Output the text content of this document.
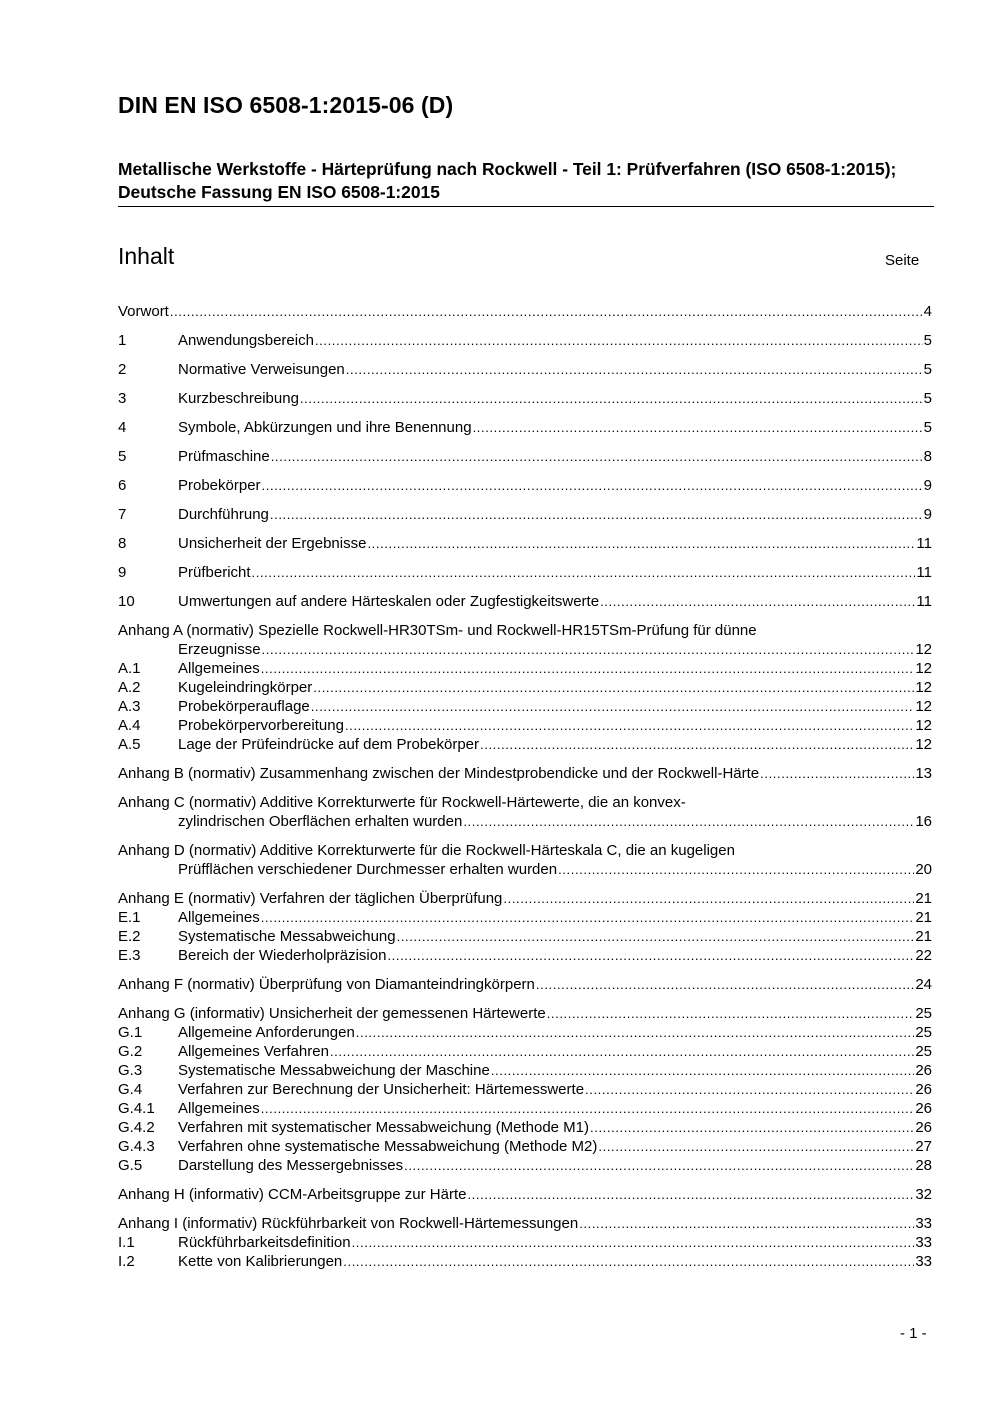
DIN EN ISO 6508-1:2015-06 (D)
Metallische Werkstoffe - Härteprüfung nach Rockwell - Teil 1: Prüfverfahren (ISO 6508-1:2015); Deutsche Fassung EN ISO 6508-1:2015
Inhalt	Seite
Vorwort .....	4
1	Anwendungsbereich .....	5
2	Normative Verweisungen .....	5
3	Kurzbeschreibung .....	5
4	Symbole, Abkürzungen und ihre Benennung .....	5
5	Prüfmaschine .....	8
6	Probekörper .....	9
7	Durchführung .....	9
8	Unsicherheit der Ergebnisse .....	11
9	Prüfbericht .....	11
10	Umwertungen auf andere Härteskalen oder Zugfestigkeitswerte .....	11
Anhang A (normativ) Spezielle Rockwell-HR30TSm- und Rockwell-HR15TSm-Prüfung für dünne
Erzeugnisse .....	12
A.1	Allgemeines .....	12
A.2	Kugeleindringkörper .....	12
A.3	Probekörperauflage .....	12
A.4	Probekörpervorbereitung .....	12
A.5	Lage der Prüfeindrücke auf dem Probekörper .....	12
Anhang B (normativ) Zusammenhang zwischen der Mindestprobendicke und der Rockwell-Härte .....	13
Anhang C (normativ) Additive Korrekturwerte für Rockwell-Härtewerte, die an konvex-
zylindrischen Oberflächen erhalten wurden .....	16
Anhang D (normativ) Additive Korrekturwerte für die Rockwell-Härteskala C, die an kugeligen
Prüfflächen verschiedener Durchmesser erhalten wurden .....	20
Anhang E (normativ) Verfahren der täglichen Überprüfung .....	21
E.1	Allgemeines .....	21
E.2	Systematische Messabweichung .....	21
E.3	Bereich der Wiederholpräzision .....	22
Anhang F (normativ) Überprüfung von Diamanteindringkörpern .....	24
Anhang G (informativ) Unsicherheit der gemessenen Härtewerte .....	25
G.1	Allgemeine Anforderungen .....	25
G.2	Allgemeines Verfahren .....	25
G.3	Systematische Messabweichung der Maschine .....	26
G.4	Verfahren zur Berechnung der Unsicherheit: Härtemesswerte .....	26
G.4.1	Allgemeines .....	26
G.4.2	Verfahren mit systematischer Messabweichung (Methode M1) .....	26
G.4.3	Verfahren ohne systematische Messabweichung (Methode M2) .....	27
G.5	Darstellung des Messergebnisses .....	28
Anhang H (informativ) CCM-Arbeitsgruppe zur Härte .....	32
Anhang I (informativ) Rückführbarkeit von Rockwell-Härtemessungen .....	33
I.1	Rückführbarkeitsdefinition .....	33
I.2	Kette von Kalibrierungen .....	33
- 1 -
